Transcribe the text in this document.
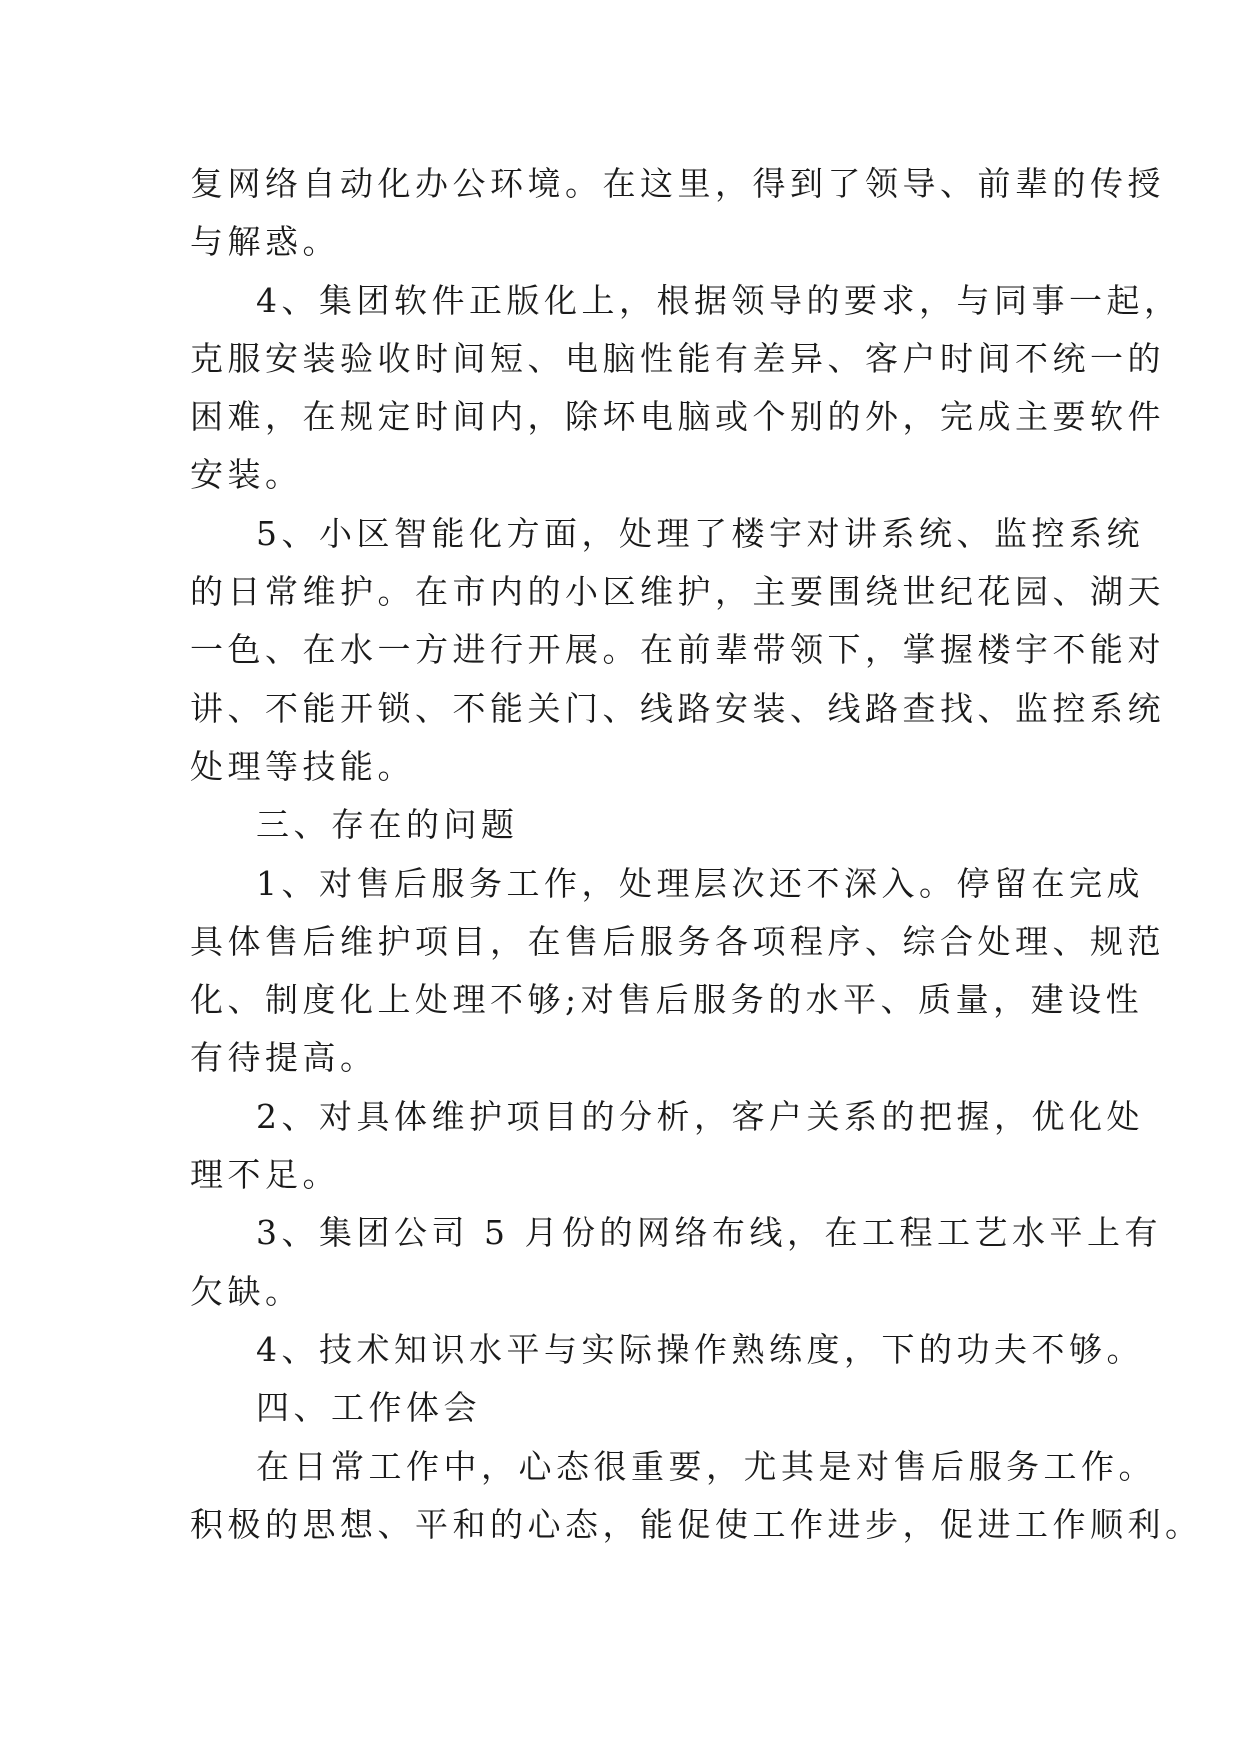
复网络自动化办公环境。在这里，得到了领导、前辈的传授
与解惑。
4、集团软件正版化上，根据领导的要求，与同事一起，
克服安装验收时间短、电脑性能有差异、客户时间不统一的
困难，在规定时间内，除坏电脑或个别的外，完成主要软件
安装。
5、小区智能化方面，处理了楼宇对讲系统、监控系统
的日常维护。在市内的小区维护，主要围绕世纪花园、湖天
一色、在水一方进行开展。在前辈带领下，掌握楼宇不能对
讲、不能开锁、不能关门、线路安装、线路查找、监控系统
处理等技能。
三、存在的问题
1、对售后服务工作，处理层次还不深入。停留在完成
具体售后维护项目，在售后服务各项程序、综合处理、规范
化、制度化上处理不够;对售后服务的水平、质量，建设性
有待提高。
2、对具体维护项目的分析，客户关系的把握，优化处
理不足。
3、集团公司 5 月份的网络布线，在工程工艺水平上有
欠缺。
4、技术知识水平与实际操作熟练度，下的功夫不够。
四、工作体会
在日常工作中，心态很重要，尤其是对售后服务工作。
积极的思想、平和的心态，能促使工作进步，促进工作顺利。
